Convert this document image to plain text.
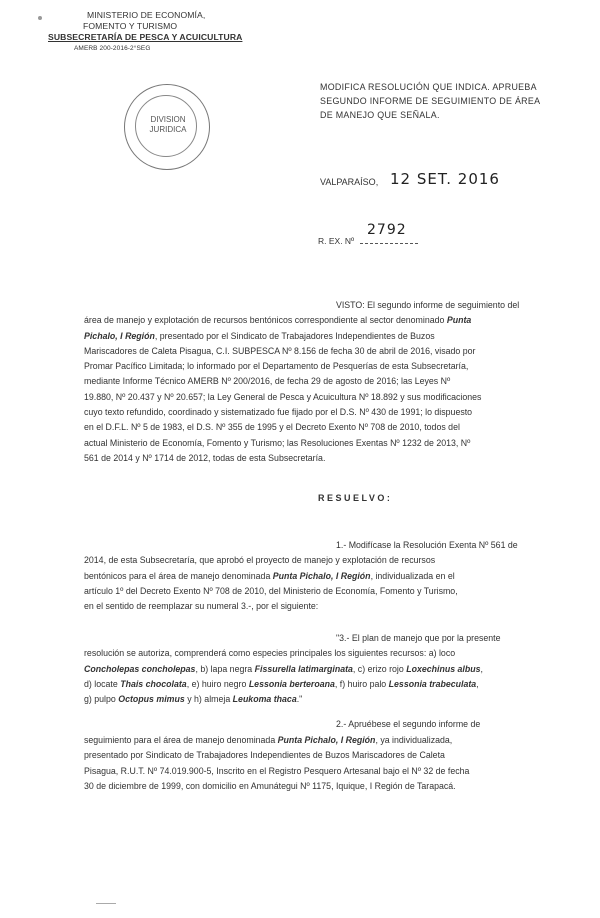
MINISTERIO DE ECONOMÍA,
FOMENTO Y TURISMO
SUBSECRETARÍA DE PESCA Y ACUICULTURA
AMERB 200-2016-2°SEG
DIVISION
JURIDICA
MODIFICA RESOLUCIÓN QUE INDICA. APRUEBA
SEGUNDO INFORME DE SEGUIMIENTO DE ÁREA
DE MANEJO QUE SEÑALA.
VALPARAÍSO, 12 SET. 2016
R. EX. Nº
2792

VISTO: El segundo informe de seguimiento del

área de manejo y explotación de recursos bentónicos correspondiente al sector denominado Punta

Pichalo, I Región, presentado por el Sindicato de Trabajadores Independientes de Buzos

Mariscadores de Caleta Pisagua, C.I. SUBPESCA Nº 8.156 de fecha 30 de abril de 2016, visado por

Promar Pacífico Limitada; lo informado por el Departamento de Pesquerías de esta Subsecretaría,

mediante Informe Técnico AMERB Nº 200/2016, de fecha 29 de agosto de 2016; las Leyes Nº

19.880, Nº 20.437 y Nº 20.657; la Ley General de Pesca y Acuicultura Nº 18.892 y sus modificaciones

cuyo texto refundido, coordinado y sistematizado fue fijado por el D.S. Nº 430 de 1991; lo dispuesto

en el D.F.L. Nº 5 de 1983, el D.S. Nº 355 de 1995 y el Decreto Exento Nº 708 de 2010, todos del

actual Ministerio de Economía, Fomento y Turismo; las Resoluciones Exentas Nº 1232 de 2013, Nº

561 de 2014 y Nº 1714 de 2012, todas de esta Subsecretaría.

RESUELVO:

1.- Modifícase la Resolución Exenta Nº 561 de

2014, de esta Subsecretaría, que aprobó el proyecto de manejo y explotación de recursos

bentónicos para el área de manejo denominada Punta Pichalo, I Región, individualizada en el

artículo 1º del Decreto Exento Nº 708 de 2010, del Ministerio de Economía, Fomento y Turismo,

en el sentido de reemplazar su numeral 3.-, por el siguiente:

"3.- El plan de manejo que por la presente

resolución se autoriza, comprenderá como especies principales los siguientes recursos: a) loco

Concholepas concholepas, b) lapa negra Fissurella latimarginata, c) erizo rojo Loxechinus albus,

d) locate Thais chocolata, e) huiro negro Lessonia berteroana, f) huiro palo Lessonia trabeculata,

g) pulpo Octopus mimus y h) almeja Leukoma thaca."

2.- Apruébese el segundo informe de

seguimiento para el área de manejo denominada Punta Pichalo, I Región, ya individualizada,

presentado por Sindicato de Trabajadores Independientes de Buzos Mariscadores de Caleta

Pisagua, R.U.T. Nº 74.019.900-5, Inscrito en el Registro Pesquero Artesanal bajo el Nº 32 de fecha

30 de diciembre de 1999, con domicilio en Amunátegui Nº 1175, Iquique, I Región de Tarapacá.
